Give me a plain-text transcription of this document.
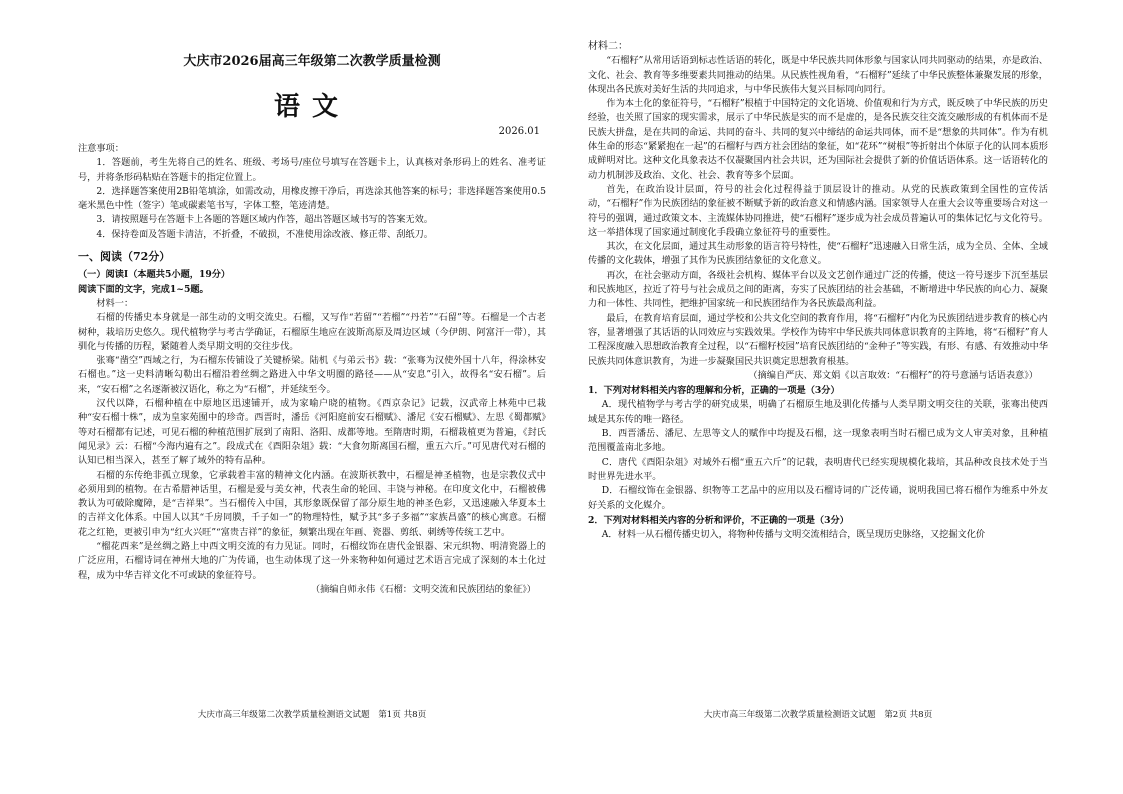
大庆市2026届高三年级第二次教学质量检测
语文
2026.01

注意事项：

1．答题前，考生先将自己的姓名、班级、考场号/座位号填写在答题卡上，认真核对条形码上的姓名、准考证号，并将条形码粘贴在答题卡的指定位置上。

2．选择题答案使用2B铅笔填涂，如需改动，用橡皮擦干净后，再选涂其他答案的标号；非选择题答案使用0.5毫米黑色中性（签字）笔或碳素笔书写，字体工整，笔迹清楚。

3．请按照题号在答题卡上各题的答题区域内作答，超出答题区域书写的答案无效。

4．保持卷面及答题卡清洁，不折叠，不破损，不准使用涂改液、修正带、刮纸刀。

一、阅读（72分）

（一）阅读Ⅰ（本题共5小题，19分）

阅读下面的文字，完成1~5题。

材料一：

石榴的传播史本身就是一部生动的文明交流史。石榴，又写作“若留”“若榴”“丹若”“石留”等。石榴是一个古老树种，栽培历史悠久。现代植物学与考古学确证，石榴原生地应在波斯高原及周边区域（今伊朗、阿富汗一带），其驯化与传播的历程，紧随着人类早期文明的交往步伐。

张骞“凿空”西域之行，为石榴东传铺设了关键桥梁。陆机《与弟云书》载：“张骞为汉使外国十八年，得涂林安石榴也。”这一史料清晰勾勒出石榴沿着丝绸之路进入中华文明圈的路径——从“安息”引入，故得名“安石榴”。后来，“安石榴”之名逐渐被汉语化，称之为“石榴”，并延续至今。

汉代以降，石榴种植在中原地区迅速铺开，成为家喻户晓的植物。《西京杂记》记载，汉武帝上林苑中已栽种“安石榴十株”，成为皇家苑囿中的珍奇。西晋时，潘岳《河阳庭前安石榴赋》、潘尼《安石榴赋》、左思《蜀都赋》等对石榴都有记述，可见石榴的种植范围扩展到了南阳、洛阳、成都等地。至隋唐时期，石榴栽植更为普遍，《封氏闻见录》云：石榴“今海内遍有之”。段成式在《酉阳杂俎》载：“大食勿斯离国石榴，重五六斤。”可见唐代对石榴的认知已相当深入，甚至了解了域外的特有品种。

石榴的东传绝非孤立现象，它承载着丰富的精神文化内涵。在波斯祆教中，石榴是神圣植物，也是宗教仪式中必须用到的植物。在古希腊神话里，石榴是爱与美女神，代表生命的轮回、丰饶与神秘。在印度文化中，石榴被佛教认为可破除魔障，是“吉祥果”。当石榴传入中国，其形象既保留了部分原生地的神圣色彩，又迅速融入华夏本土的吉祥文化体系。中国人以其“千房同膜，千子如一”的物理特性，赋予其“多子多福”“家族昌盛”的核心寓意。石榴花之红艳，更被引申为“红火兴旺”“富贵吉祥”的象征，频繁出现在年画、瓷器、剪纸、刺绣等传统工艺中。

“榴花西来”是丝绸之路上中西文明交流的有力见证。同时，石榴纹饰在唐代金银器、宋元织物、明清瓷器上的广泛应用，石榴诗词在神州大地的广为传诵，也生动体现了这一外来物种如何通过艺术语言完成了深刻的本土化过程，成为中华吉祥文化不可或缺的象征符号。

（摘编自师永伟《石榴：文明交流和民族团结的象征》）

大庆市高三年级第二次教学质量检测语文试题　第1页 共8页

材料二：

“石榴籽”从常用话语到标志性话语的转化，既是中华民族共同体形象与国家认同共同驱动的结果，亦是政治、文化、社会、教育等多维要素共同推动的结果。从民族性视角看，“石榴籽”延续了中华民族整体兼聚发展的形象，体现出各民族对美好生活的共同追求，与中华民族伟大复兴目标同向同行。

作为本土化的象征符号，“石榴籽”根植于中国特定的文化语境、价值观和行为方式，既反映了中华民族的历史经验，也关照了国家的现实需求，展示了中华民族是实的而不是虚的，是各民族交往交流交融形成的有机体而不是民族大拼盘，是在共同的命运、共同的奋斗、共同的复兴中缔结的命运共同体，而不是“想象的共同体”。作为有机体生命的形态“紧紧抱在一起”的石榴籽与西方社会团结的象征，如“花环”“树根”等折射出个体原子化的认同本质形成鲜明对比。这种文化具象表达不仅凝聚国内社会共识，还为国际社会提供了新的价值话语体系。这一话语转化的动力机制涉及政治、文化、社会、教育等多个层面。

首先，在政治设计层面，符号的社会化过程得益于顶层设计的推动。从党的民族政策到全国性的宣传活动，“石榴籽”作为民族团结的象征被不断赋予新的政治意义和情感内涵。国家领导人在重大会议等重要场合对这一符号的强调，通过政策文本、主流媒体协同推进，使“石榴籽”逐步成为社会成员普遍认可的集体记忆与文化符号。这一举措体现了国家通过制度化手段确立象征符号的重要性。

其次，在文化层面，通过其生动形象的语言符号特性，使“石榴籽”迅速融入日常生活，成为全员、全体、全域传播的文化载体，增强了其作为民族团结象征的文化意义。

再次，在社会驱动方面，各级社会机构、媒体平台以及文艺创作通过广泛的传播，使这一符号逐步下沉至基层和民族地区，拉近了符号与社会成员之间的距离，夯实了民族团结的社会基础，不断增进中华民族的向心力、凝聚力和一体性、共同性，把维护国家统一和民族团结作为各民族最高利益。

最后，在教育培育层面，通过学校和公共文化空间的教育作用，将“石榴籽”内化为民族团结进步教育的核心内容，显著增强了其话语的认同效应与实践效果。学校作为铸牢中华民族共同体意识教育的主阵地，将“石榴籽”育人工程深度融入思想政治教育全过程，以“石榴籽校园”培育民族团结的“金种子”等实践，有形、有感、有效推动中华民族共同体意识教育，为进一步凝聚国民共识奠定思想教育根基。

（摘编自严庆、郑文娟《以言取效：“石榴籽”的符号意涵与话语表意》）

1．下列对材料相关内容的理解和分析，正确的一项是（3分）

A．现代植物学与考古学的研究成果，明确了石榴原生地及驯化传播与人类早期文明交往的关联，张骞出使西域是其东传的唯一路径。

B．西晋潘岳、潘尼、左思等文人的赋作中均提及石榴，这一现象表明当时石榴已成为文人审美对象，且种植范围覆盖南北多地。

C．唐代《酉阳杂俎》对域外石榴“重五六斤”的记载，表明唐代已经实现规模化栽培，其品种改良技术处于当时世界先进水平。

D．石榴纹饰在金银器、织物等工艺品中的应用以及石榴诗词的广泛传诵，说明我国已将石榴作为维系中外友好关系的文化媒介。

2．下列对材料相关内容的分析和评价，不正确的一项是（3分）

A．材料一从石榴传播史切入，将物种传播与文明交流相结合，既呈现历史脉络，又挖掘文化价

大庆市高三年级第二次教学质量检测语文试题　第2页 共8页
